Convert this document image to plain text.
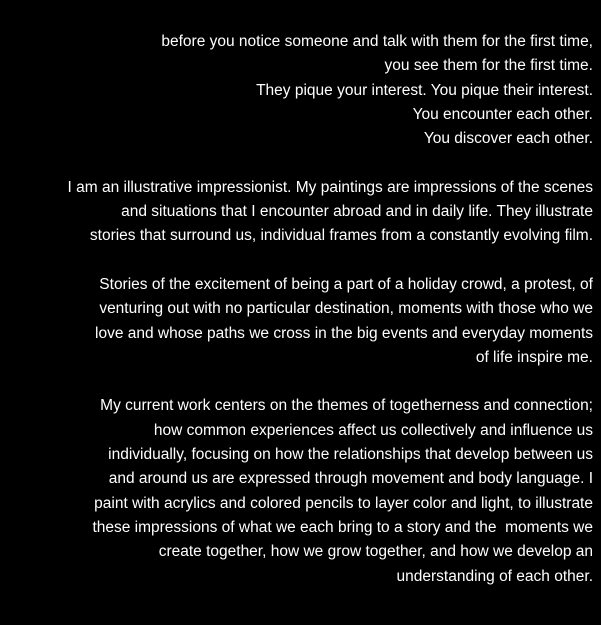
before you notice someone and talk with them for the first time,
you see them for the first time.
They pique your interest. You pique their interest.
You encounter each other.
You discover each other.

I am an illustrative impressionist. My paintings are impressions of the scenes
and situations that I encounter abroad and in daily life. They illustrate
stories that surround us, individual frames from a constantly evolving film.

Stories of the excitement of being a part of a holiday crowd, a protest, of
venturing out with no particular destination, moments with those who we
love and whose paths we cross in the big events and everyday moments
of life inspire me.

My current work centers on the themes of togetherness and connection;
how common experiences affect us collectively and influence us
individually, focusing on how the relationships that develop between us
and around us are expressed through movement and body language. I
paint with acrylics and colored pencils to layer color and light, to illustrate
these impressions of what we each bring to a story and the  moments we
create together, how we grow together, and how we develop an
understanding of each other.
